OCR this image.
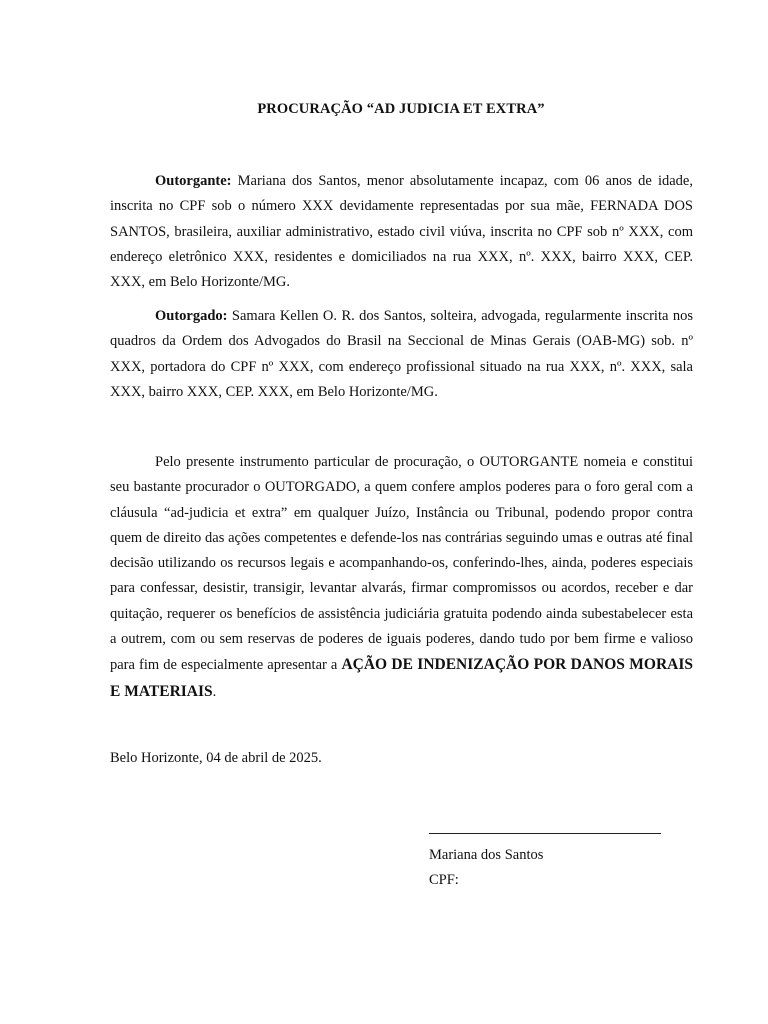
PROCURAÇÃO “AD JUDICIA ET EXTRA”

Outorgante: Mariana dos Santos, menor absolutamente incapaz, com 06 anos de idade, inscrita no CPF sob o número XXX devidamente representadas por sua mãe, FERNADA DOS SANTOS, brasileira, auxiliar administrativo, estado civil viúva, inscrita no CPF sob nº XXX, com endereço eletrônico XXX, residentes e domiciliados na rua XXX, nº. XXX, bairro XXX, CEP. XXX, em Belo Horizonte/MG.

Outorgado: Samara Kellen O. R. dos Santos, solteira, advogada, regularmente inscrita nos quadros da Ordem dos Advogados do Brasil na Seccional de Minas Gerais (OAB-MG) sob. nº XXX, portadora do CPF nº XXX, com endereço profissional situado na rua XXX, nº. XXX, sala XXX, bairro XXX, CEP. XXX, em Belo Horizonte/MG.

Pelo presente instrumento particular de procuração, o OUTORGANTE nomeia e constitui seu bastante procurador o OUTORGADO, a quem confere amplos poderes para o foro geral com a cláusula “ad-judicia et extra” em qualquer Juízo, Instância ou Tribunal, podendo propor contra quem de direito das ações competentes e defende-los nas contrárias seguindo umas e outras até final decisão utilizando os recursos legais e acompanhando-os, conferindo-lhes, ainda, poderes especiais para confessar, desistir, transigir, levantar alvarás, firmar compromissos ou acordos, receber e dar quitação, requerer os benefícios de assistência judiciária gratuita podendo ainda subestabelecer esta a outrem, com ou sem reservas de poderes de iguais poderes, dando tudo por bem firme e valioso para fim de especialmente apresentar a AÇÃO DE INDENIZAÇÃO POR DANOS MORAIS E MATERIAIS.

Belo Horizonte, 04 de abril de 2025.
Mariana dos Santos
CPF:
